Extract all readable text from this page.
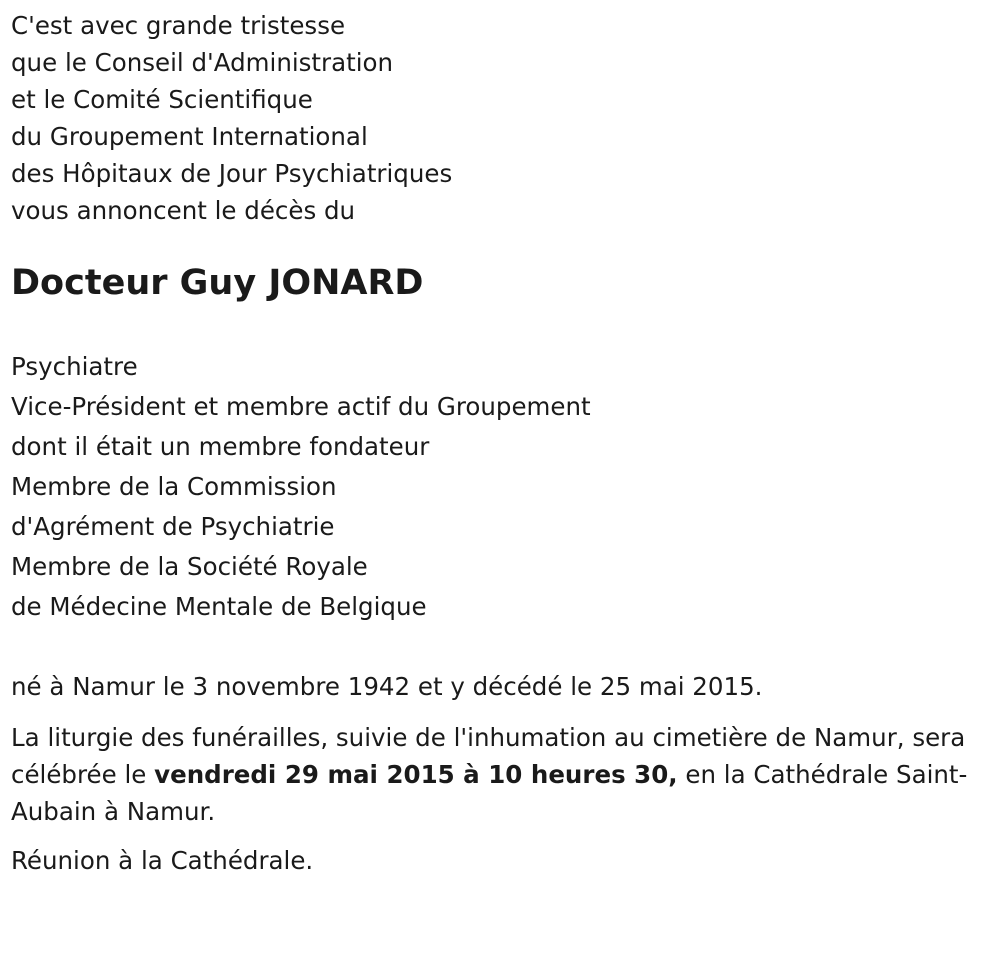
C'est avec grande tristesse
que le Conseil d'Administration
et le Comité Scientifique
du Groupement International
des Hôpitaux de Jour Psychiatriques
vous annoncent le décès du
Docteur Guy JONARD
Psychiatre
Vice-Président et membre actif du Groupement
dont il était un membre fondateur
Membre de la Commission
d'Agrément de Psychiatrie
Membre de la Société Royale
de Médecine Mentale de Belgique
né à Namur le 3 novembre 1942 et y décédé le 25 mai 2015.
La liturgie des funérailles, suivie de l'inhumation au cimetière de Namur, sera célébrée le vendredi 29 mai 2015 à 10 heures 30, en la Cathédrale Saint-Aubain à Namur.
Réunion à la Cathédrale.
